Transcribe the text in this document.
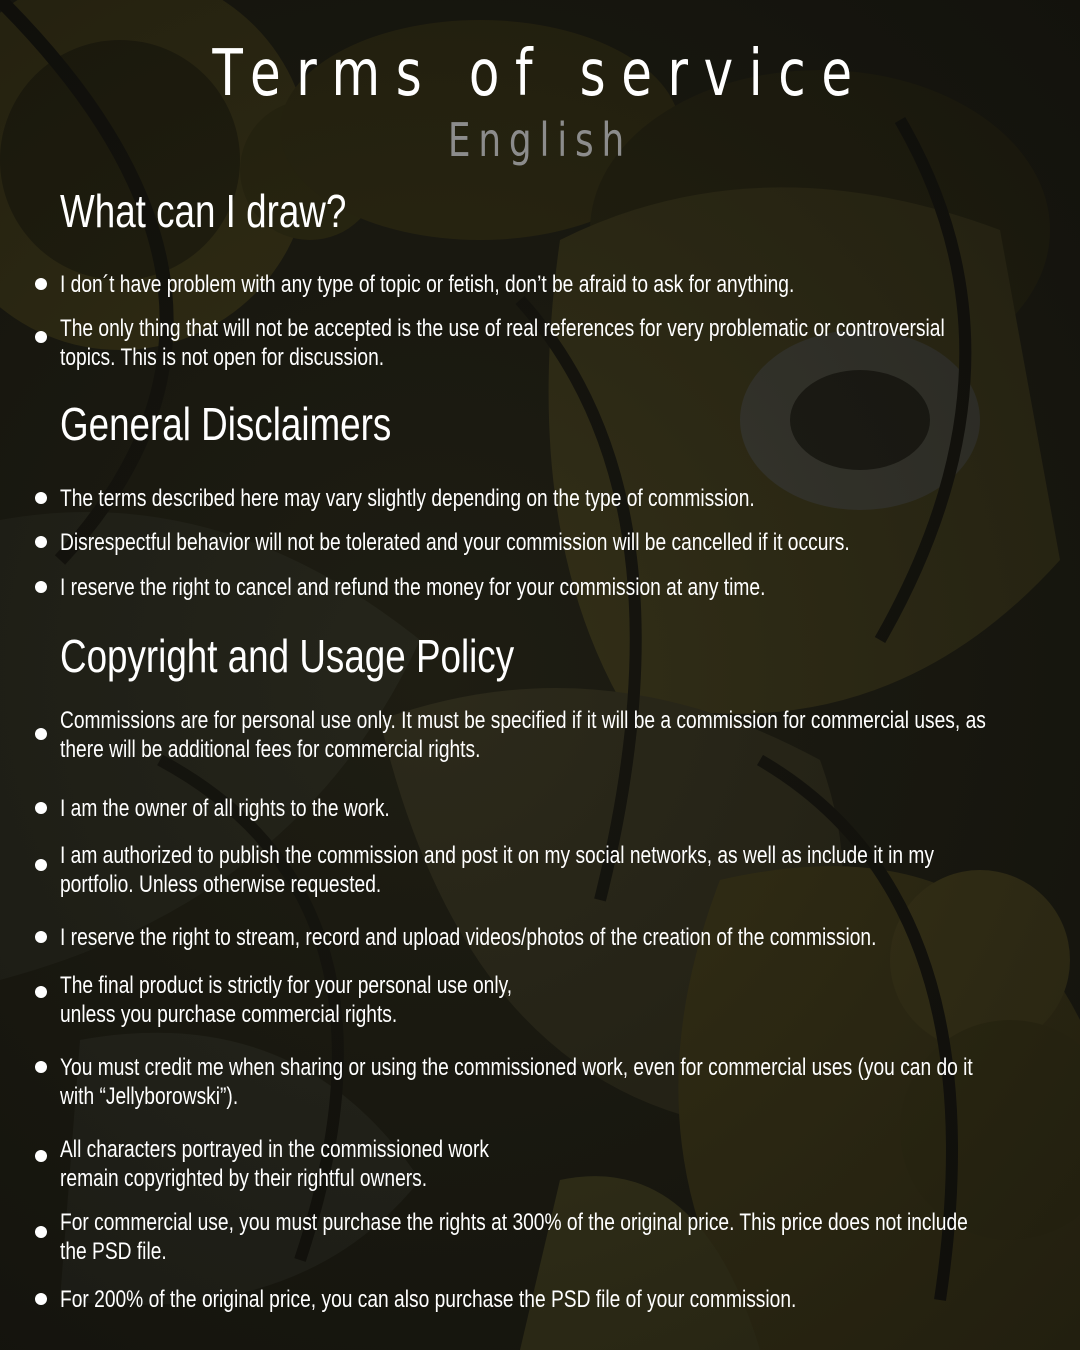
Terms of service
English
What can I draw?
I don´t have problem with any type of topic or fetish, don’t be afraid to ask for anything.
The only thing that will not be accepted is the use of real references for very problematic or controversial
topics. This is not open for discussion.
General Disclaimers
The terms described here may vary slightly depending on the type of commission.
Disrespectful behavior will not be tolerated and your commission will be cancelled if it occurs.
I reserve the right to cancel and refund the money for your commission at any time.
Copyright and Usage Policy
Commissions are for personal use only. It must be specified if it will be a commission for commercial uses, as
there will be additional fees for commercial rights.
I am the owner of all rights to the work.
I am authorized to publish the commission and post it on my social networks, as well as include it in my
portfolio. Unless otherwise requested.
I reserve the right to stream, record and upload videos/photos of the creation of the commission.
The final product is strictly for your personal use only,
unless you purchase commercial rights.
You must credit me when sharing or using the commissioned work, even for commercial uses (you can do it
with “Jellyborowski”).
All characters portrayed in the commissioned work
remain copyrighted by their rightful owners.
For commercial use, you must purchase the rights at 300% of the original price. This price does not include
the PSD file.
For 200% of the original price, you can also purchase the PSD file of your commission.
